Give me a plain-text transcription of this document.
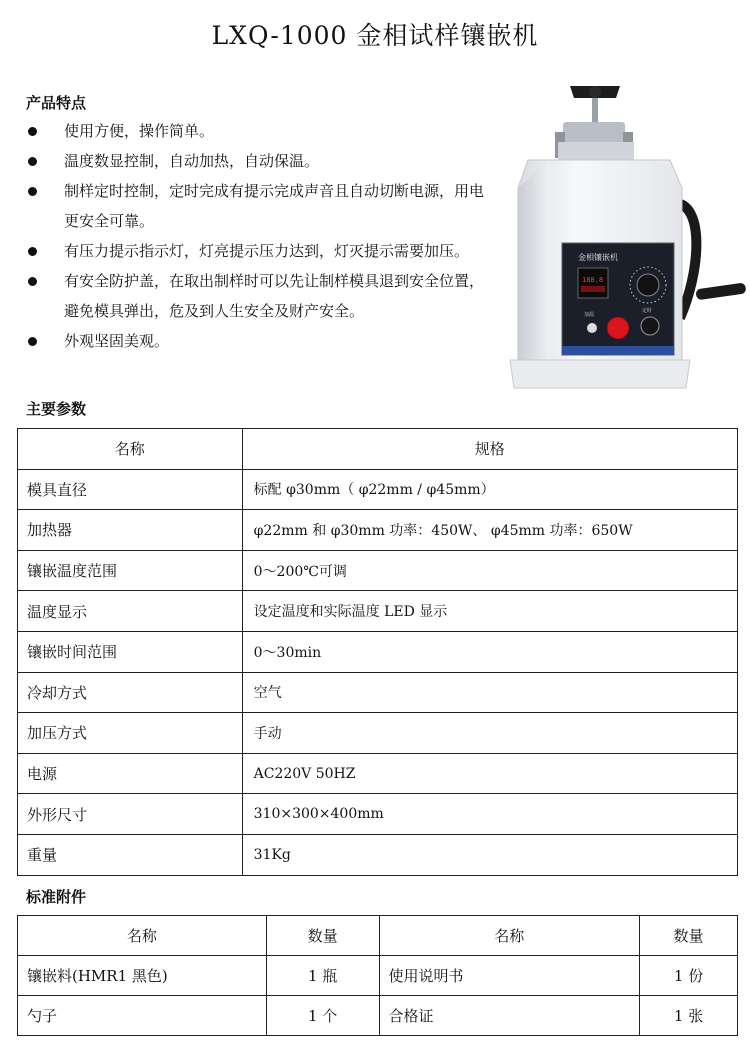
LXQ-1000 金相试样镶嵌机
产品特点
使用方便，操作简单。
温度数显控制，自动加热，自动保温。
制样定时控制，定时完成有提示完成声音且自动切断电源，用电更安全可靠。
有压力提示指示灯，灯亮提示压力达到，灯灭提示需要加压。
有安全防护盖，在取出制样时可以先让制样模具退到安全位置，避免模具弹出，危及到人生安全及财产安全。
外观坚固美观。
金相镶嵌机
188.8
加温
定时
主要参数
名称	规格
模具直径	标配 φ30mm（ φ22mm / φ45mm）
加热器	φ22mm 和 φ30mm 功率：450W、 φ45mm 功率：650W
镶嵌温度范围	0～200℃可调
温度显示	设定温度和实际温度 LED 显示
镶嵌时间范围	0～30min
冷却方式	空气
加压方式	手动
电源	AC220V 50HZ
外形尺寸	310×300×400mm
重量	31Kg
标准附件
名称	数量	名称	数量
镶嵌料(HMR1 黑色)	1 瓶	使用说明书	1 份
勺子	1 个	合格证	1 张
